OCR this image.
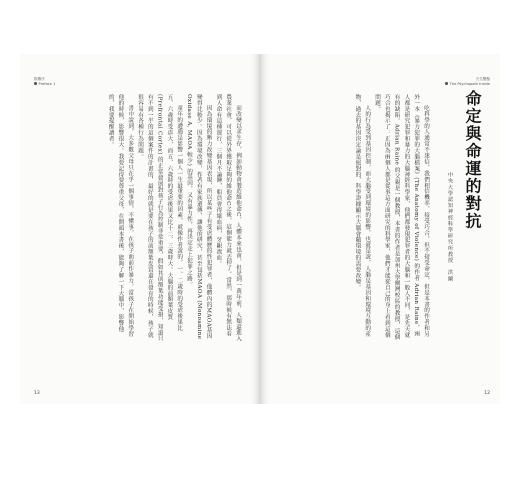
推薦序
Preface 1

而改變以求生存，例如動物會製造維他命C，人體本來也會，但是到一萬年前，人類還進入農業社會，可以從外界獲取足夠的維他命C之後，這個能力就丟掉了。當然，那時候有無法看到人命有這種運行，三個月不論睡，船員會得壞血病，牙齦流血。

因為環境的壓力改變基因表現，所以某些子有受虐體歷的性犯罪者，他體內的MAOA基因變得比較少。因為環境改變，作者有家族遺傳，讓他的研究，甚至包括MAOA (Monoamine Oxidase A, MAOA 較少) 的基因，又有暴力性，再決定走上犯罪之路。

童年的遭遇是影響一個人一生最重要的因素，就像作者說的，一、二歲時的受虐後果比五、六歲時受虐大，而五、六歲時的受虐後果又比十二、三歲時大。大腦的前額葉皮質 (Prefrontal Cortex) 的正常發展對孩子行為控制非常重要，假如其前額葉功能受損，知道只有不到一半的這個案件的計畫的，最好的就是要在孩子的前額葉皮質還在發育的時候，孩子就很容易有各種行為問題。

書中說到，大多數父母只在乎一個事情，不懂事，在孩子面前作暴力，當孩子在開始學習他的時候，影響很大。我要記得要尊重父母，在開頭本書後，能夠了解一下大腦中，影響他的，我要提醒讀者。

13
天生變態
The Psychopath Inside
命定與命運的對抗
中央大學認知神經科學研究所教授　洪蘭

吃科學的人通常不迷信，我們相信機率，接受巧合，但不接受命定，但是本書的作者和另外一本《暴力犯罪的大腦檔案》(The Anatomy of Violence) 的作者 Adrian Raine，兩人都是研究犯罪和暴力的大腦神經科學家，他們都發現犯罪者的大腦和一般人不同，是先天就有的缺陷。Adrian Raine 的父親是一個教授，本書的作者是加州大學爾灣校區的教授，這個巧合也揭示了：正因為兩個人都是從事這方面研究的科學家，他們才能從自己的身上看到這個問題。

人的行為受到基因控制，而大腦受到環境的影響，也就是說，人腦是基因和環境互動的產物，過去的基因決定論是絕對的，科學證據顯示大腦會隨環境的需要改變。

12
